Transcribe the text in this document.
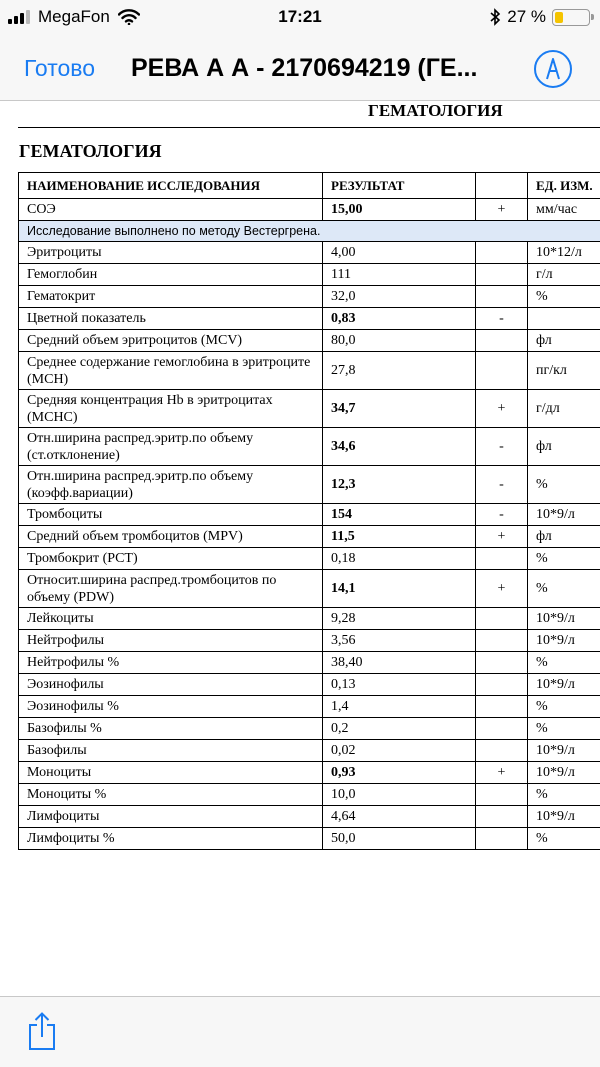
MegaFon	17:21	27 %
Готово РЕВА А А - 2170694219 (ГЕ...
ГЕМАТОЛОГИЯ
ГЕМАТОЛОГИЯ
НАИМЕНОВАНИЕ ИССЛЕДОВАНИЯ	РЕЗУЛЬТАТ		ЕД. ИЗМ.
СОЭ	15,00	+	мм/час
Исследование выполнено по методу Вестергрена.			
Эритроциты	4,00		10*12/л
Гемоглобин	111		г/л
Гематокрит	32,0		%
Цветной показатель	0,83	-	
Средний объем эритроцитов (MCV)	80,0		фл
Среднее содержание гемоглобина в эритроците (MCH)	27,8		пг/кл
Средняя концентрация Hb в эритроцитах (MCHC)	34,7	+	г/дл
Отн.ширина распред.эритр.по объему (ст.отклонение)	34,6	-	фл
Отн.ширина распред.эритр.по объему (коэфф.вариации)	12,3	-	%
Тромбоциты	154	-	10*9/л
Средний объем тромбоцитов (MPV)	11,5	+	фл
Тромбокрит (PCT)	0,18		%
Относит.ширина распред.тромбоцитов по объему (PDW)	14,1	+	%
Лейкоциты	9,28		10*9/л
Нейтрофилы	3,56		10*9/л
Нейтрофилы %	38,40		%
Эозинофилы	0,13		10*9/л
Эозинофилы %	1,4		%
Базофилы %	0,2		%
Базофилы	0,02		10*9/л
Моноциты	0,93	+	10*9/л
Моноциты %	10,0		%
Лимфоциты	4,64		10*9/л
Лимфоциты %	50,0		%
